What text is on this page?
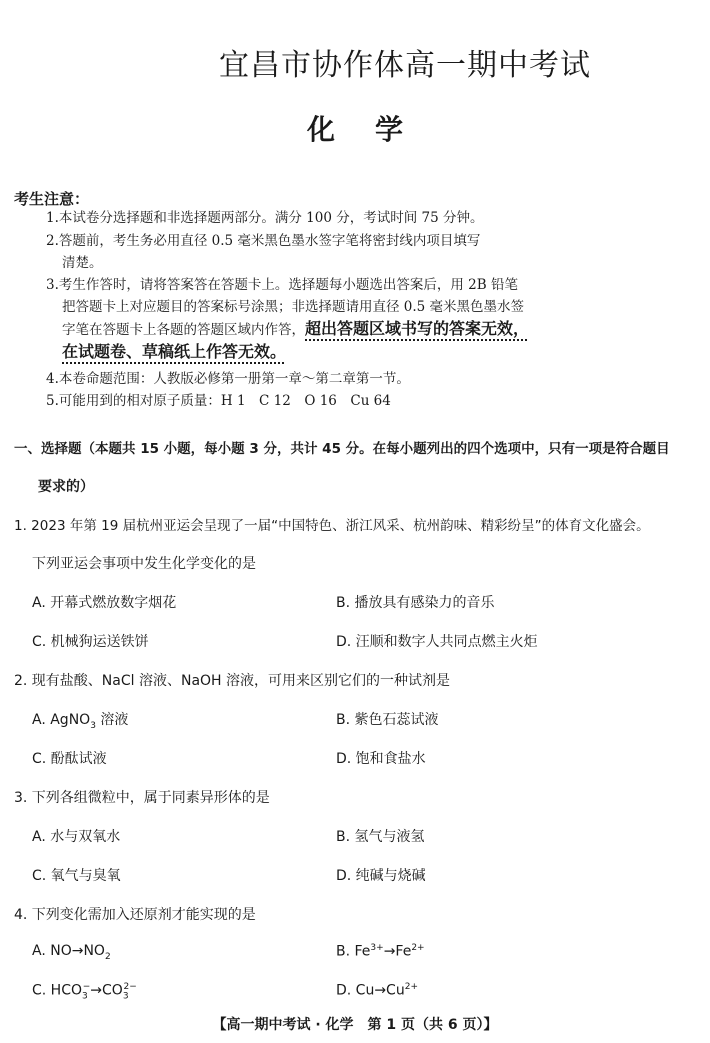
宜昌市协作体高一期中考试
化学
考生注意：
1.本试卷分选择题和非选择题两部分。满分 100 分，考试时间 75 分钟。
2.答题前，考生务必用直径 0.5 毫米黑色墨水签字笔将密封线内项目填写
清楚。
3.考生作答时，请将答案答在答题卡上。选择题每小题选出答案后，用 2B 铅笔
把答题卡上对应题目的答案标号涂黑；非选择题请用直径 0.5 毫米黑色墨水签
字笔在答题卡上各题的答题区域内作答，超出答题区域书写的答案无效，
在试题卷、草稿纸上作答无效。
4.本卷命题范围：人教版必修第一册第一章～第二章第一节。
5.可能用到的相对原子质量：H 1　C 12　O 16　Cu 64
一、选择题（本题共 15 小题，每小题 3 分，共计 45 分。在每小题列出的四个选项中，只有一项是符合题目
要求的）
1. 2023 年第 19 届杭州亚运会呈现了一届“中国特色、浙江风采、杭州韵味、精彩纷呈”的体育文化盛会。
下列亚运会事项中发生化学变化的是
A. 开幕式燃放数字烟花	B. 播放具有感染力的音乐
C. 机械狗运送铁饼	D. 汪顺和数字人共同点燃主火炬
2. 现有盐酸、NaCl 溶液、NaOH 溶液，可用来区别它们的一种试剂是
A. AgNO$_3$ 溶液	B. 紫色石蕊试液
C. 酚酞试液	D. 饱和食盐水
3. 下列各组微粒中，属于同素异形体的是
A. 水与双氧水	B. 氢气与液氢
C. 氧气与臭氧	D. 纯碱与烧碱
4. 下列变化需加入还原剂才能实现的是
A. $NO\to NO_2$	B. $Fe^{3+}\to Fe^{2+}$
C. $HCO_3^-\to CO_3^{2-}$	D. $Cu\to Cu^{2+}$
【高一期中考试 · 化学　第 1 页（共 6 页）】
